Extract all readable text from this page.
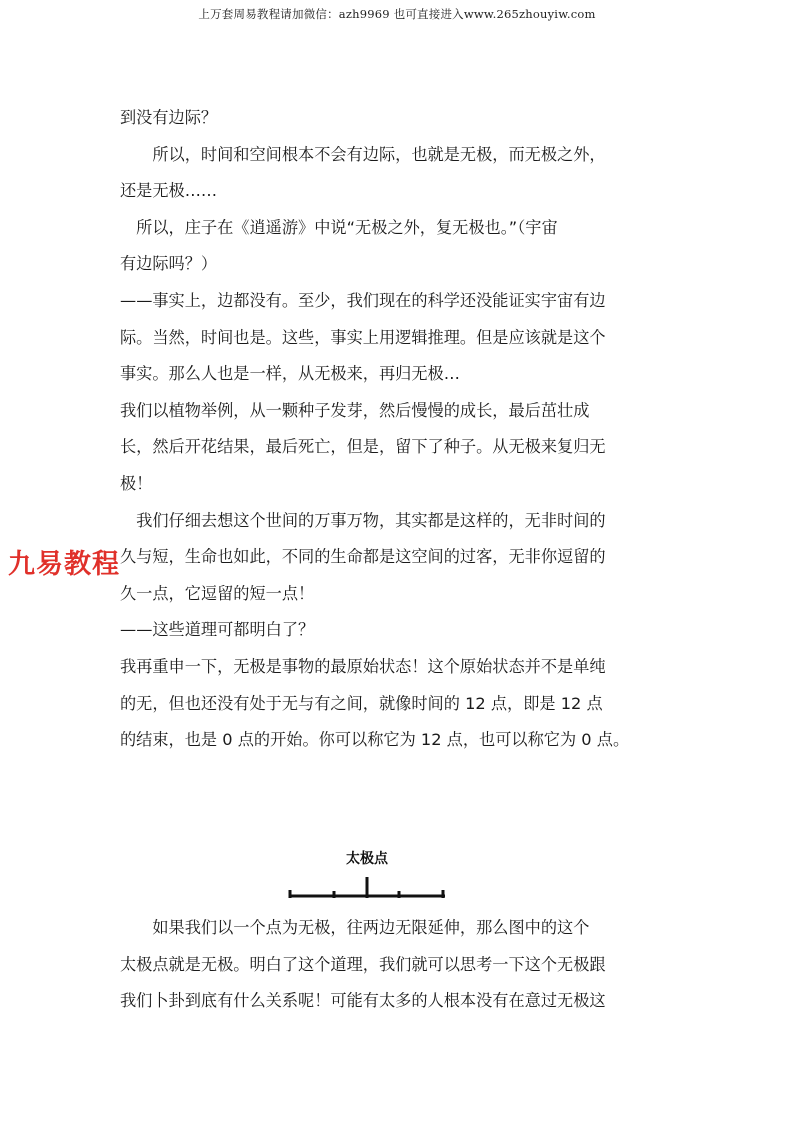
上万套周易教程请加微信：azh9969 也可直接进入www.265zhouyiw.com
到没有边际？
　　所以，时间和空间根本不会有边际，也就是无极，而无极之外，
还是无极……
　所以，庄子在《逍遥游》中说“无极之外，复无极也。”（宇宙
有边际吗？）
——事实上，边都没有。至少，我们现在的科学还没能证实宇宙有边
际。当然，时间也是。这些，事实上用逻辑推理。但是应该就是这个
事实。那么人也是一样，从无极来，再归无极…
我们以植物举例，从一颗种子发芽，然后慢慢的成长，最后茁壮成
长，然后开花结果，最后死亡，但是，留下了种子。从无极来复归无
极！
　我们仔细去想这个世间的万事万物，其实都是这样的，无非时间的
久与短，生命也如此，不同的生命都是这空间的过客，无非你逗留的
久一点，它逗留的短一点！
——这些道理可都明白了？
我再重申一下，无极是事物的最原始状态！这个原始状态并不是单纯
的无，但也还没有处于无与有之间，就像时间的 12 点，即是 12 点
的结束，也是 0 点的开始。你可以称它为 12 点，也可以称它为 0 点。
九易教程
太极点
　　如果我们以一个点为无极，往两边无限延伸，那么图中的这个
太极点就是无极。明白了这个道理，我们就可以思考一下这个无极跟
我们卜卦到底有什么关系呢！可能有太多的人根本没有在意过无极这
